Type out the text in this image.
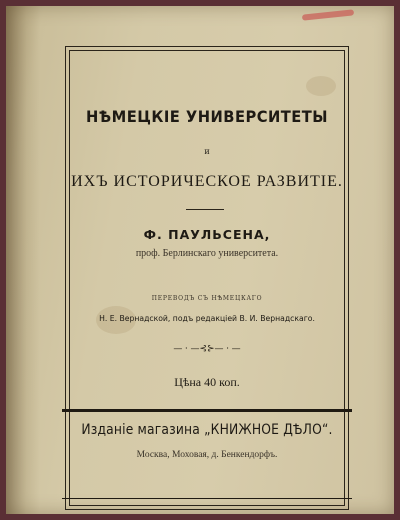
НѢМЕЦКІЕ УНИВЕРСИТЕТЫ
и
ИХЪ ИСТОРИЧЕСКОЕ РАЗВИТІЕ.
Ф. ПАУЛЬСЕНА,
проф. Берлинскаго университета.
ПЕРЕВОДЪ СЪ НѢМЕЦКАГО
Н. Е. Вернадской, подъ редакціей В. И. Вернадскаго.
— ⸱ —⊰⊱— ⸱ —
Цѣна 40 коп.
Изданіе магазина „КНИЖНОЕ ДѢЛО“.
Москва, Моховая, д. Бенкендорфъ.
